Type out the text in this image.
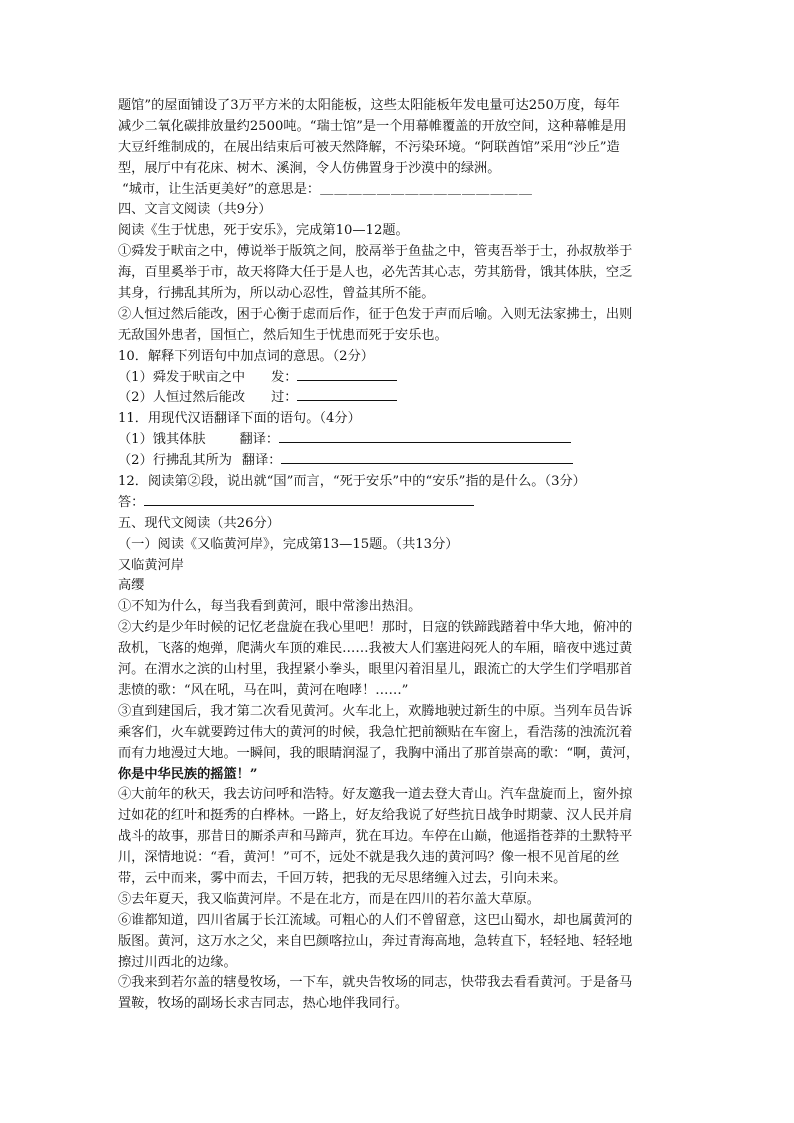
题馆”的屋面铺设了3万平方米的太阳能板，这些太阳能板年发电量可达250万度，每年
减少二氧化碳排放量约2500吨。“瑞士馆”是一个用幕帷覆盖的开放空间，这种幕帷是用
大豆纤维制成的，在展出结束后可被天然降解，不污染环境。“阿联酋馆”采用“沙丘”造
型，展厅中有花床、树木、溪涧，令人仿佛置身于沙漠中的绿洲。
“城市，让生活更美好”的意思是：＿＿＿＿＿＿＿＿＿＿＿＿＿＿＿
四、文言文阅读（共9分）
阅读《生于忧患，死于安乐》，完成第10—12题。
①舜发于畎亩之中，傅说举于版筑之间，胶鬲举于鱼盐之中，管夷吾举于士，孙叔敖举于
海，百里奚举于市，故天将降大任于是人也，必先苦其心志，劳其筋骨，饿其体肤，空乏
其身，行拂乱其所为，所以动心忍性，曾益其所不能。
②人恒过然后能改，困于心衡于虑而后作，征于色发于声而后喻。入则无法家拂士，出则
无敌国外患者，国恒亡，然后知生于忧患而死于安乐也。
10．解释下列语句中加点词的意思。（2分）
（1）舜发于畎亩之中 发：
（2）人恒过然后能改 过：
11．用现代汉语翻译下面的语句。（4分）
（1）饿其体肤	翻译：
（2）行拂乱其所为 翻译：
12．阅读第②段，说出就“国”而言，“死于安乐”中的“安乐”指的是什么。（3分）
答：
五、现代文阅读（共26分）
（一）阅读《又临黄河岸》，完成第13—15题。（共13分）
又临黄河岸
高缨
①不知为什么，每当我看到黄河，眼中常渗出热泪。
②大约是少年时候的记忆老盘旋在我心里吧！那时，日寇的铁蹄践踏着中华大地，俯冲的
敌机，飞落的炮弹，爬满火车顶的难民……我被大人们塞进闷死人的车厢，暗夜中逃过黄
河。在渭水之滨的山村里，我捏紧小拳头，眼里闪着泪星儿，跟流亡的大学生们学唱那首
悲愤的歌：“风在吼，马在叫，黄河在咆哮！……”
③直到建国后，我才第二次看见黄河。火车北上，欢腾地驶过新生的中原。当列车员告诉
乘客们，火车就要跨过伟大的黄河的时候，我急忙把前额贴在车窗上，看浩荡的浊流沉着
而有力地漫过大地。一瞬间，我的眼睛润湿了，我胸中涌出了那首崇高的歌：“啊，黄河，
你是中华民族的摇篮！”
④大前年的秋天，我去访问呼和浩特。好友邀我一道去登大青山。汽车盘旋而上，窗外掠
过如花的红叶和挺秀的白桦林。一路上，好友给我说了好些抗日战争时期蒙、汉人民并肩
战斗的故事，那昔日的厮杀声和马蹄声，犹在耳边。车停在山巅，他遥指苍莽的土默特平
川，深情地说：“看，黄河！”可不，远处不就是我久违的黄河吗？像一根不见首尾的丝
带，云中而来，雾中而去，千回万转，把我的无尽思绪缠入过去，引向未来。
⑤去年夏天，我又临黄河岸。不是在北方，而是在四川的若尔盖大草原。
⑥谁都知道，四川省属于长江流域。可粗心的人们不曾留意，这巴山蜀水，却也属黄河的
版图。黄河，这万水之父，来自巴颜喀拉山，奔过青海高地，急转直下，轻轻地、轻轻地
擦过川西北的边缘。
⑦我来到若尔盖的辖曼牧场，一下车，就央告牧场的同志，快带我去看看黄河。于是备马
置鞍，牧场的副场长求吉同志，热心地伴我同行。
